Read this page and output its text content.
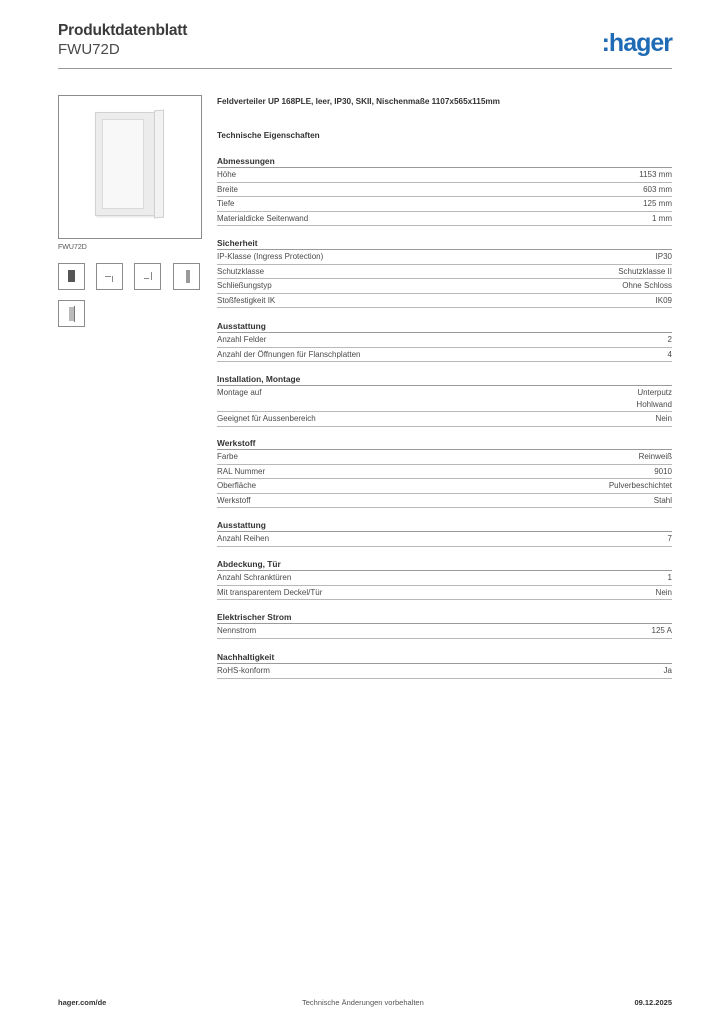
Produktdatenblatt
FWU72D	:hager
FWU72D
Feldverteiler UP 168PLE, leer, IP30, SKII, Nischenmaße 1107x565x115mm
Technische Eigenschaften
Abmessungen
Höhe	1153 mm
Breite	603 mm
Tiefe	125 mm
Materialdicke Seitenwand	1 mm
Sicherheit
IP-Klasse (Ingress Protection)	IP30
Schutzklasse	Schutzklasse II
Schließungstyp	Ohne Schloss
Stoßfestigkeit IK	IK09
Ausstattung
Anzahl Felder	2
Anzahl der Öffnungen für Flanschplatten	4
Installation, Montage
Montage auf	Unterputz
Hohlwand
Geeignet für Aussenbereich	Nein
Werkstoff
Farbe	Reinweiß
RAL Nummer	9010
Oberfläche	Pulverbeschichtet
Werkstoff	Stahl
Ausstattung
Anzahl Reihen	7
Abdeckung, Tür
Anzahl Schranktüren	1
Mit transparentem Deckel/Tür	Nein
Elektrischer Strom
Nennstrom	125 A
Nachhaltigkeit
RoHS-konform	Ja
hager.com/de	Technische Änderungen vorbehalten	09.12.2025
